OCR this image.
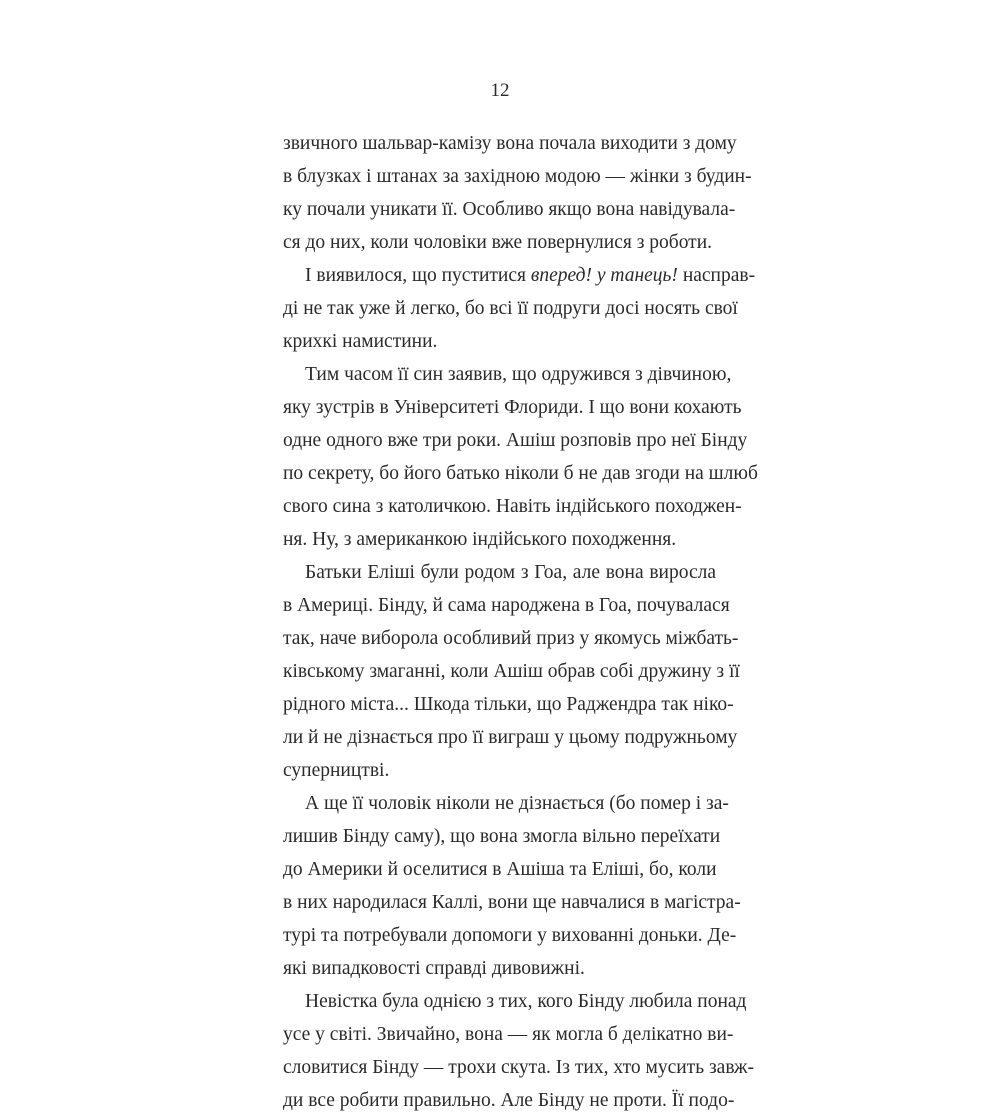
12
звичного шальвар-камізу вона почала виходити з дому
в блузках і штанах за західною модою — жінки з будин-
ку почали уникати її. Особливо якщо вона навідувала-
ся до них, коли чоловіки вже повернулися з роботи.
І виявилося, що пуститися вперед! у танець! насправ-
ді не так уже й легко, бо всі її подруги досі носять свої
крихкі намистини.
Тим часом її син заявив, що одружився з дівчиною,
яку зустрів в Університеті Флориди. І що вони кохають
одне одного вже три роки. Ашіш розповів про неї Бінду
по секрету, бо його батько ніколи б не дав згоди на шлюб
свого сина з католичкою. Навіть індійського походжен-
ня. Ну, з американкою індійського походження.
Батьки Еліші були родом з Гоа, але вона виросла
в Америці. Бінду, й сама народжена в Гоа, почувалася
так, наче виборола особливий приз у якомусь міжбать-
ківському змаганні, коли Ашіш обрав собі дружину з її
рідного міста... Шкода тільки, що Раджендра так ніко-
ли й не дізнається про її виграш у цьому подружньому
суперництві.
А ще її чоловік ніколи не дізнається (бо помер і за-
лишив Бінду саму), що вона змогла вільно переїхати
до Америки й оселитися в Ашіша та Еліші, бо, коли
в них народилася Каллі, вони ще навчалися в магістра-
турі та потребували допомоги у вихованні доньки. Де-
які випадковості справді дивовижні.
Невістка була однією з тих, кого Бінду любила понад
усе у світі. Звичайно, вона — як могла б делікатно ви-
словитися Бінду — трохи скута. Із тих, хто мусить завж-
ди все робити правильно. Але Бінду не проти. Її подо-
